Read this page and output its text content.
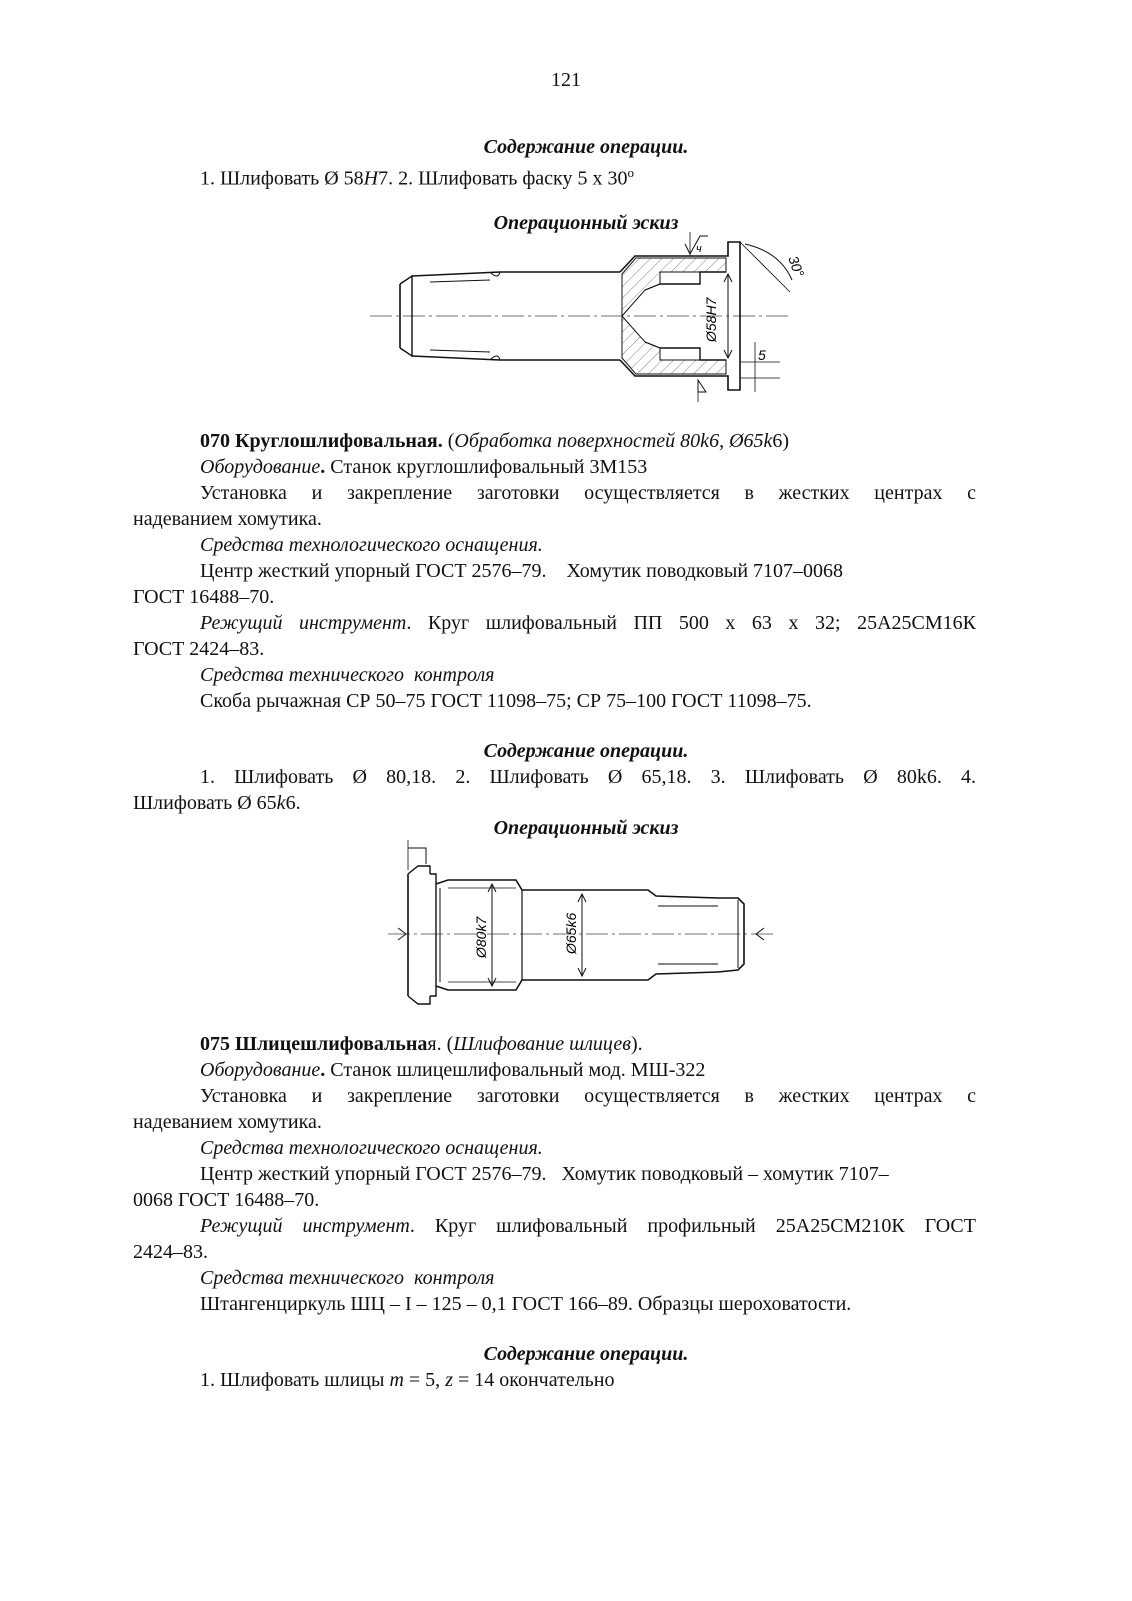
121
Содержание операции.
1. Шлифовать Ø 58H7. 2. Шлифовать фаску 5 х $30^о$
Операционный эскиз
Ø58H7
30°
5
ч
070 Круглошлифовальная. (Обработка поверхностей 80k6, Ø65k6)
Оборудование. Станок круглошлифовальный 3М153
Установка и закрепление заготовки осуществляется в жестких центрах с
надеванием хомутика.
Средства технологического оснащения.
Центр жесткий упорный ГОСТ 2576–79.    Хомутик поводковый 7107–0068
ГОСТ 16488–70.
Режущий инструмент. Круг шлифовальный ПП 500 х 63 х 32; 25А25СМ16К
ГОСТ 2424–83.
Средства технического  контроля
Скоба рычажная СР 50–75 ГОСТ 11098–75; СР 75–100 ГОСТ 11098–75.
Содержание операции.
1. Шлифовать Ø 80,18. 2. Шлифовать Ø 65,18. 3. Шлифовать Ø 80k6. 4.
Шлифовать Ø 65k6.
Операционный эскиз
Ø80k7	Ø65k6
075 Шлицешлифовальная. (Шлифование шлицев).
Оборудование. Станок шлицешлифовальный мод. МШ-322
Установка и закрепление заготовки осуществляется в жестких центрах с
надеванием хомутика.
Средства технологического оснащения.
Центр жесткий упорный ГОСТ 2576–79.   Хомутик поводковый – хомутик 7107–
0068 ГОСТ 16488–70.
Режущий инструмент. Круг шлифовальный профильный 25А25СМ210К ГОСТ
2424–83.
Средства технического  контроля
Штангенциркуль ШЦ – I – 125 – 0,1 ГОСТ 166–89. Образцы шероховатости.
Содержание операции.
1. Шлифовать шлицы m = 5, z = 14 окончательно
